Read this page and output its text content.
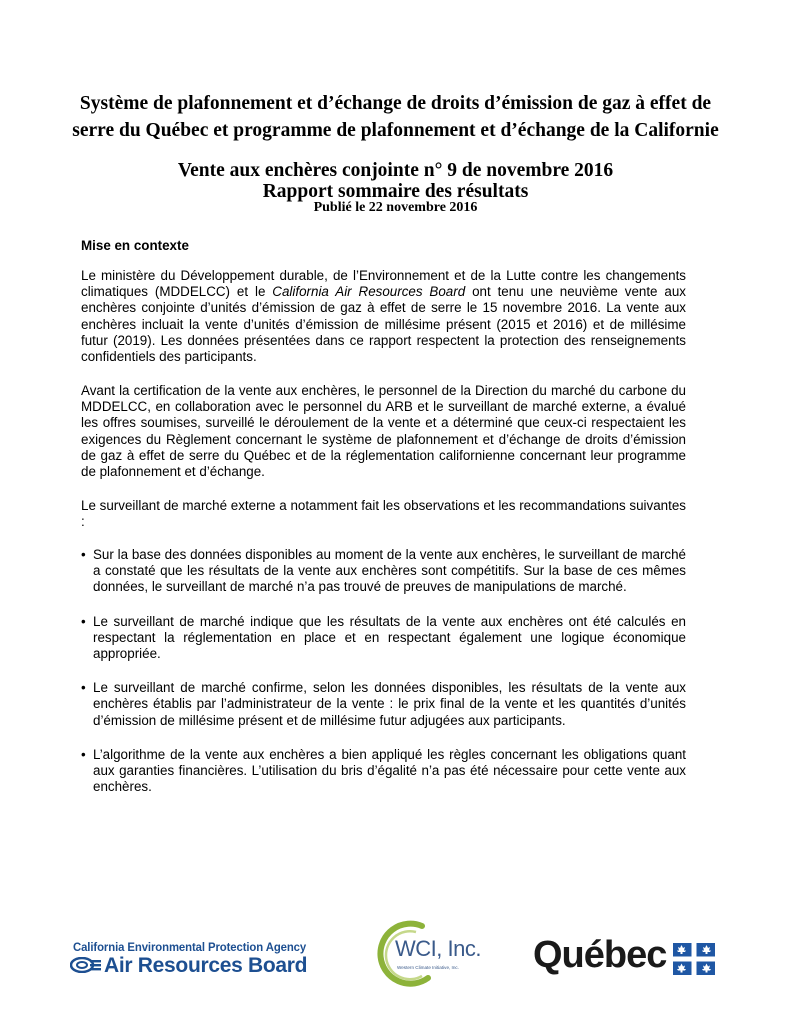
Système de plafonnement et d’échange de droits d’émission de gaz à effet de serre du Québec et programme de plafonnement et d’échange de la Californie
Vente aux enchères conjointe n° 9 de novembre 2016
Rapport sommaire des résultats

Publié le 22 novembre 2016

Mise en contexte

Le ministère du Développement durable, de l’Environnement et de la Lutte contre les changements climatiques (MDDELCC) et le California Air Resources Board ont tenu une neuvième vente aux enchères conjointe d’unités d’émission de gaz à effet de serre le 15 novembre 2016. La vente aux enchères incluait la vente d’unités d’émission de millésime présent (2015 et 2016) et de millésime futur (2019). Les données présentées dans ce rapport respectent la protection des renseignements confidentiels des participants.

Avant la certification de la vente aux enchères, le personnel de la Direction du marché du carbone du MDDELCC, en collaboration avec le personnel du ARB et le surveillant de marché externe, a évalué les offres soumises, surveillé le déroulement de la vente et a déterminé que ceux-ci respectaient les exigences du Règlement concernant le système de plafonnement et d’échange de droits d’émission de gaz à effet de serre du Québec et de la réglementation californienne concernant leur programme de plafonnement et d’échange.

Le surveillant de marché externe a notamment fait les observations et les recommandations suivantes :

• Sur la base des données disponibles au moment de la vente aux enchères, le surveillant de marché a constaté que les résultats de la vente aux enchères sont compétitifs. Sur la base de ces mêmes données, le surveillant de marché n’a pas trouvé de preuves de manipulations de marché.
• Le surveillant de marché indique que les résultats de la vente aux enchères ont été calculés en respectant la réglementation en place et en respectant également une logique économique appropriée.
• Le surveillant de marché confirme, selon les données disponibles, les résultats de la vente aux enchères établis par l’administrateur de la vente : le prix final de la vente et les quantités d’unités d’émission de millésime présent et de millésime futur adjugées aux participants.
• L’algorithme de la vente aux enchères a bien appliqué les règles concernant les obligations quant aux garanties financières. L’utilisation du bris d’égalité n’a pas été nécessaire pour cette vente aux enchères.
California Environmental Protection Agency
Air Resources Board
WCI, Inc.
Western Climate Initiative, Inc. Québec
